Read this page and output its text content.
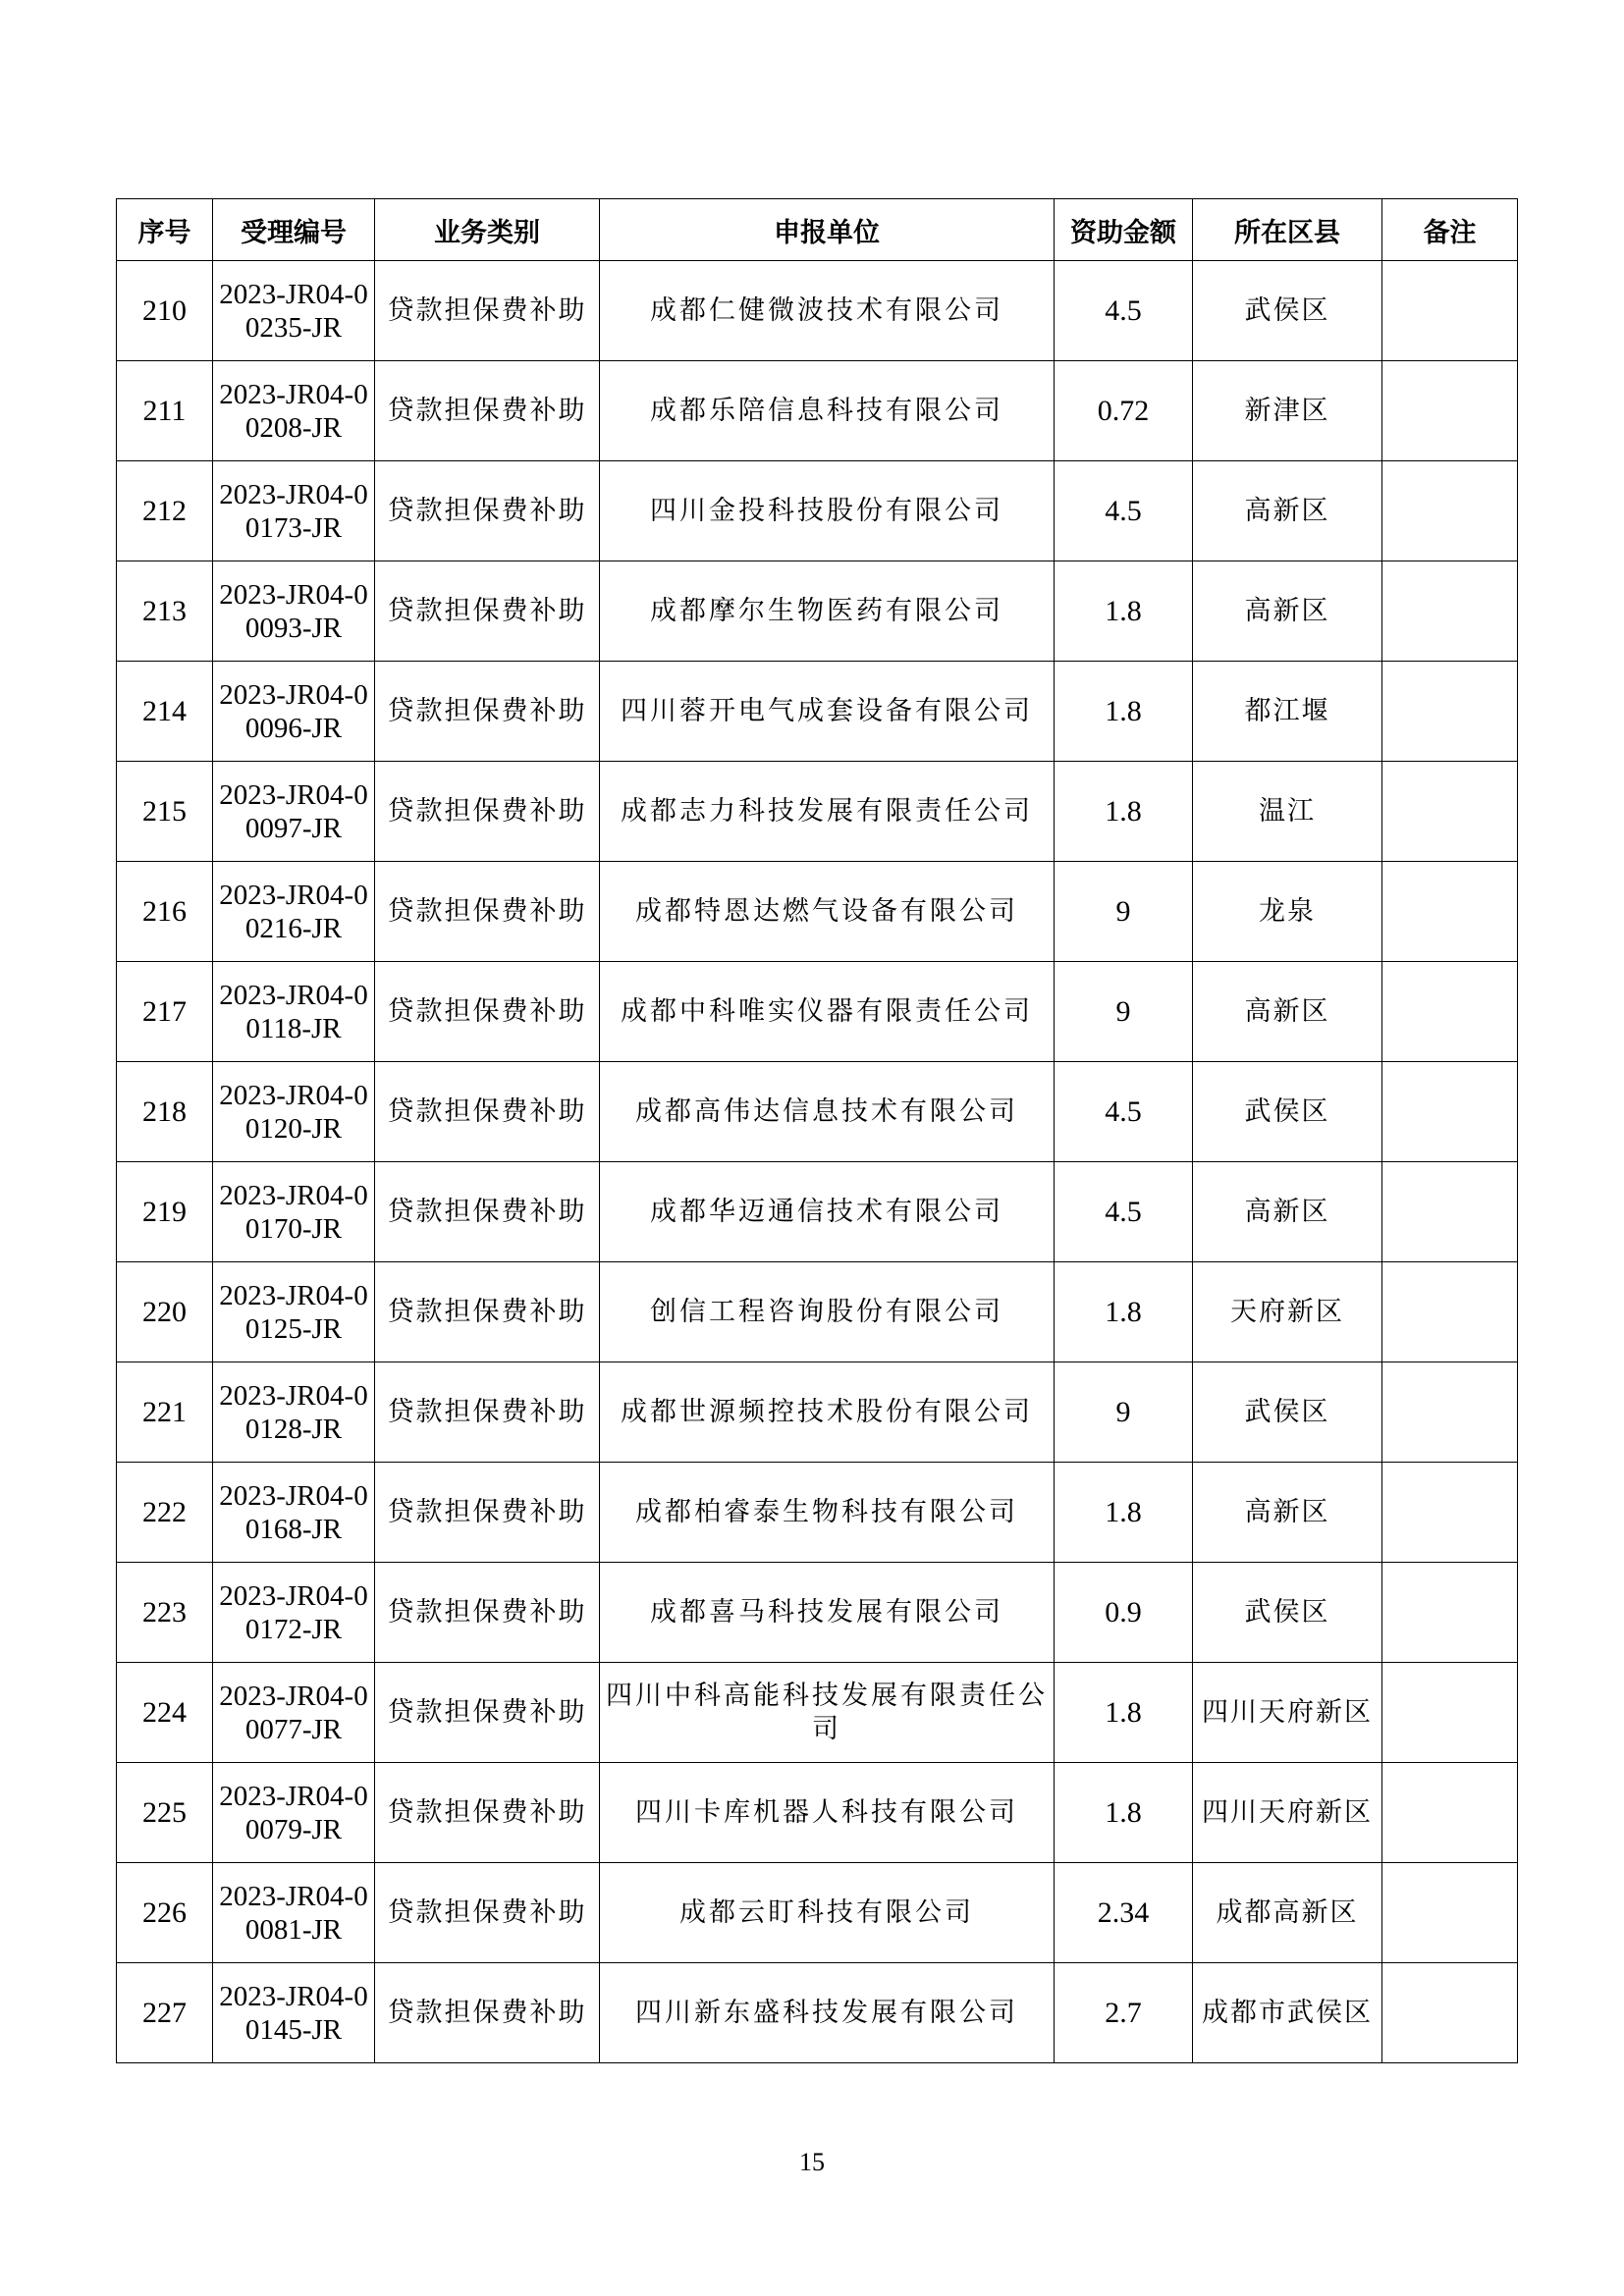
序号	受理编号	业务类别	申报单位	资助金额	所在区县	备注
210	2023-JR04-00235-JR	贷款担保费补助	成都仁健微波技术有限公司	4.5	武侯区	
211	2023-JR04-00208-JR	贷款担保费补助	成都乐陪信息科技有限公司	0.72	新津区	
212	2023-JR04-00173-JR	贷款担保费补助	四川金投科技股份有限公司	4.5	高新区	
213	2023-JR04-00093-JR	贷款担保费补助	成都摩尔生物医药有限公司	1.8	高新区	
214	2023-JR04-00096-JR	贷款担保费补助	四川蓉开电气成套设备有限公司	1.8	都江堰	
215	2023-JR04-00097-JR	贷款担保费补助	成都志力科技发展有限责任公司	1.8	温江	
216	2023-JR04-00216-JR	贷款担保费补助	成都特恩达燃气设备有限公司	9	龙泉	
217	2023-JR04-00118-JR	贷款担保费补助	成都中科唯实仪器有限责任公司	9	高新区	
218	2023-JR04-00120-JR	贷款担保费补助	成都高伟达信息技术有限公司	4.5	武侯区	
219	2023-JR04-00170-JR	贷款担保费补助	成都华迈通信技术有限公司	4.5	高新区	
220	2023-JR04-00125-JR	贷款担保费补助	创信工程咨询股份有限公司	1.8	天府新区	
221	2023-JR04-00128-JR	贷款担保费补助	成都世源频控技术股份有限公司	9	武侯区	
222	2023-JR04-00168-JR	贷款担保费补助	成都柏睿泰生物科技有限公司	1.8	高新区	
223	2023-JR04-00172-JR	贷款担保费补助	成都喜马科技发展有限公司	0.9	武侯区	
224	2023-JR04-00077-JR	贷款担保费补助	四川中科高能科技发展有限责任公司	1.8	四川天府新区	
225	2023-JR04-00079-JR	贷款担保费补助	四川卡库机器人科技有限公司	1.8	四川天府新区	
226	2023-JR04-00081-JR	贷款担保费补助	成都云盯科技有限公司	2.34	成都高新区	
227	2023-JR04-00145-JR	贷款担保费补助	四川新东盛科技发展有限公司	2.7	成都市武侯区	
15
